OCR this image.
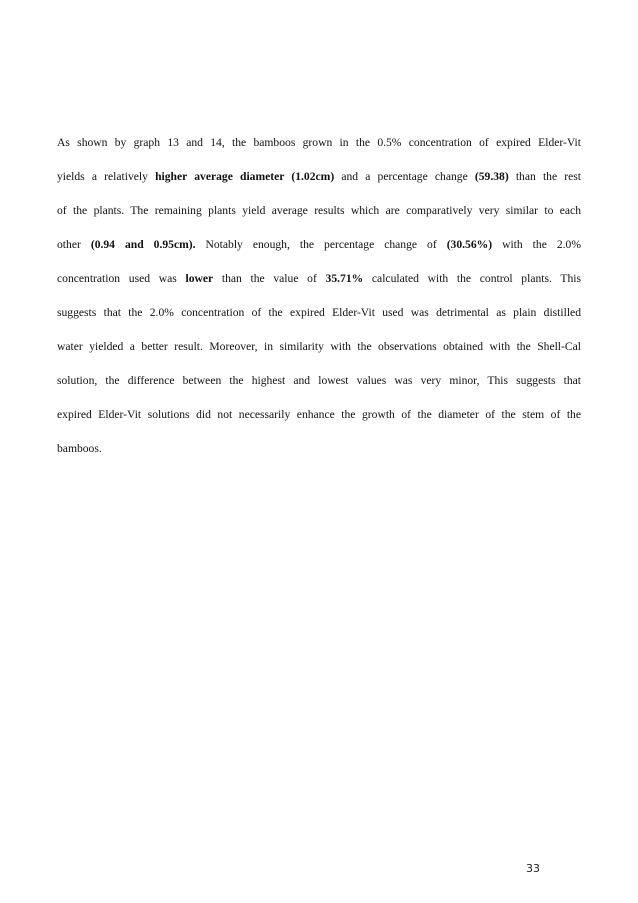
As shown by graph 13 and 14, the bamboos grown in the 0.5% concentration of expired Elder-Vit
yields a relatively higher average diameter (1.02cm) and a percentage change (59.38) than the rest
of the plants. The remaining plants yield average results which are comparatively very similar to each
other (0.94 and 0.95cm). Notably enough, the percentage change of (30.56%) with the 2.0%
concentration used was lower than the value of 35.71% calculated with the control plants. This
suggests that the 2.0% concentration of the expired Elder-Vit used was detrimental as plain distilled
water yielded a better result. Moreover, in similarity with the observations obtained with the Shell-Cal
solution, the difference between the highest and lowest values was very minor, This suggests that
expired Elder-Vit solutions did not necessarily enhance the growth of the diameter of the stem of the
bamboos.
33
